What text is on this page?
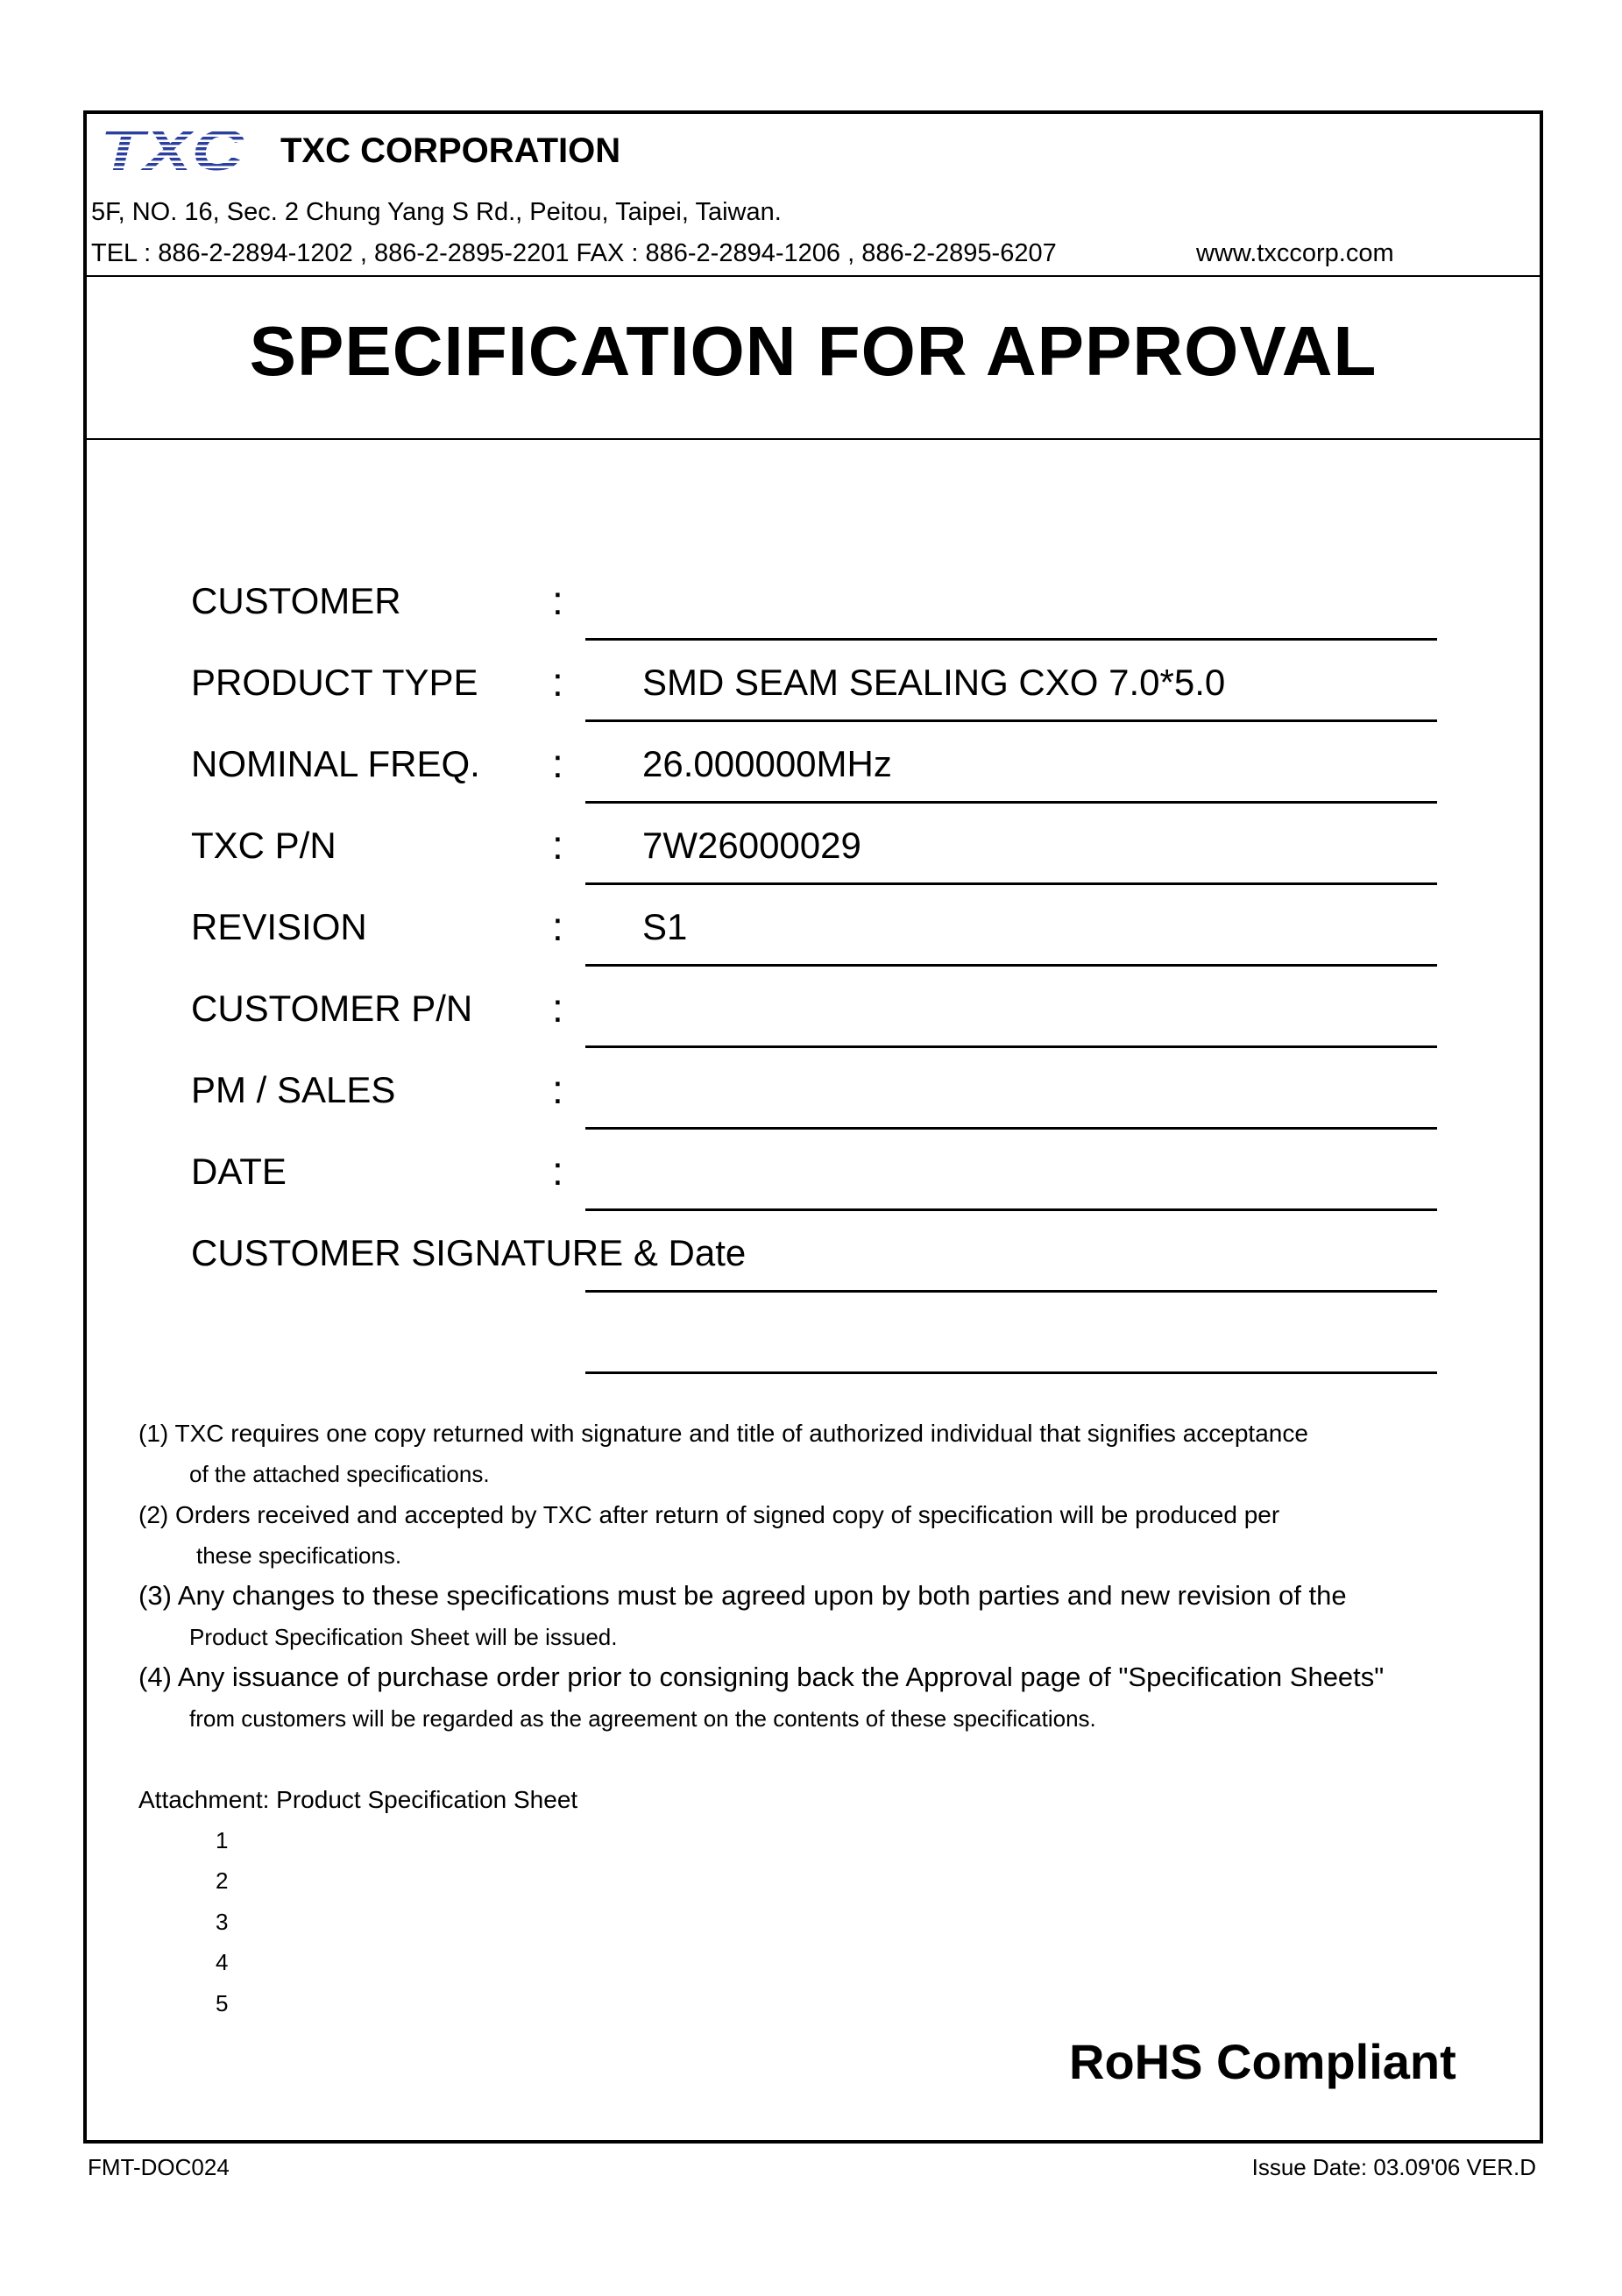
TXC TXC CORPORATION
5F, NO. 16, Sec. 2 Chung Yang S Rd., Peitou, Taipei, Taiwan.
TEL : 886-2-2894-1202 , 886-2-2895-2201 FAX : 886-2-2894-1206 , 886-2-2895-6207	www.txccorp.com
SPECIFICATION FOR APPROVAL
CUSTOMER	:
PRODUCT TYPE : SMD SEAM SEALING CXO 7.0*5.0
NOMINAL FREQ. : 26.000000MHz
TXC P/N	: 7W26000029
REVISION	: S1
CUSTOMER P/N :
PM / SALES	:
DATE	:
CUSTOMER SIGNATURE & Date
(1) TXC requires one copy returned with signature and title of authorized individual that signifies acceptance
of the attached specifications.
(2) Orders received and accepted by TXC after return of signed copy of specification will be produced per
these specifications.
(3) Any changes to these specifications must be agreed upon by both parties and new revision of the
Product Specification Sheet will be issued.
(4) Any issuance of purchase order prior to consigning back the Approval page of "Specification Sheets"
from customers will be regarded as the agreement on the contents of these specifications.
Attachment: Product Specification Sheet
1
2
3
4
5
RoHS Compliant
FMT-DOC024	Issue Date: 03.09'06 VER.D
